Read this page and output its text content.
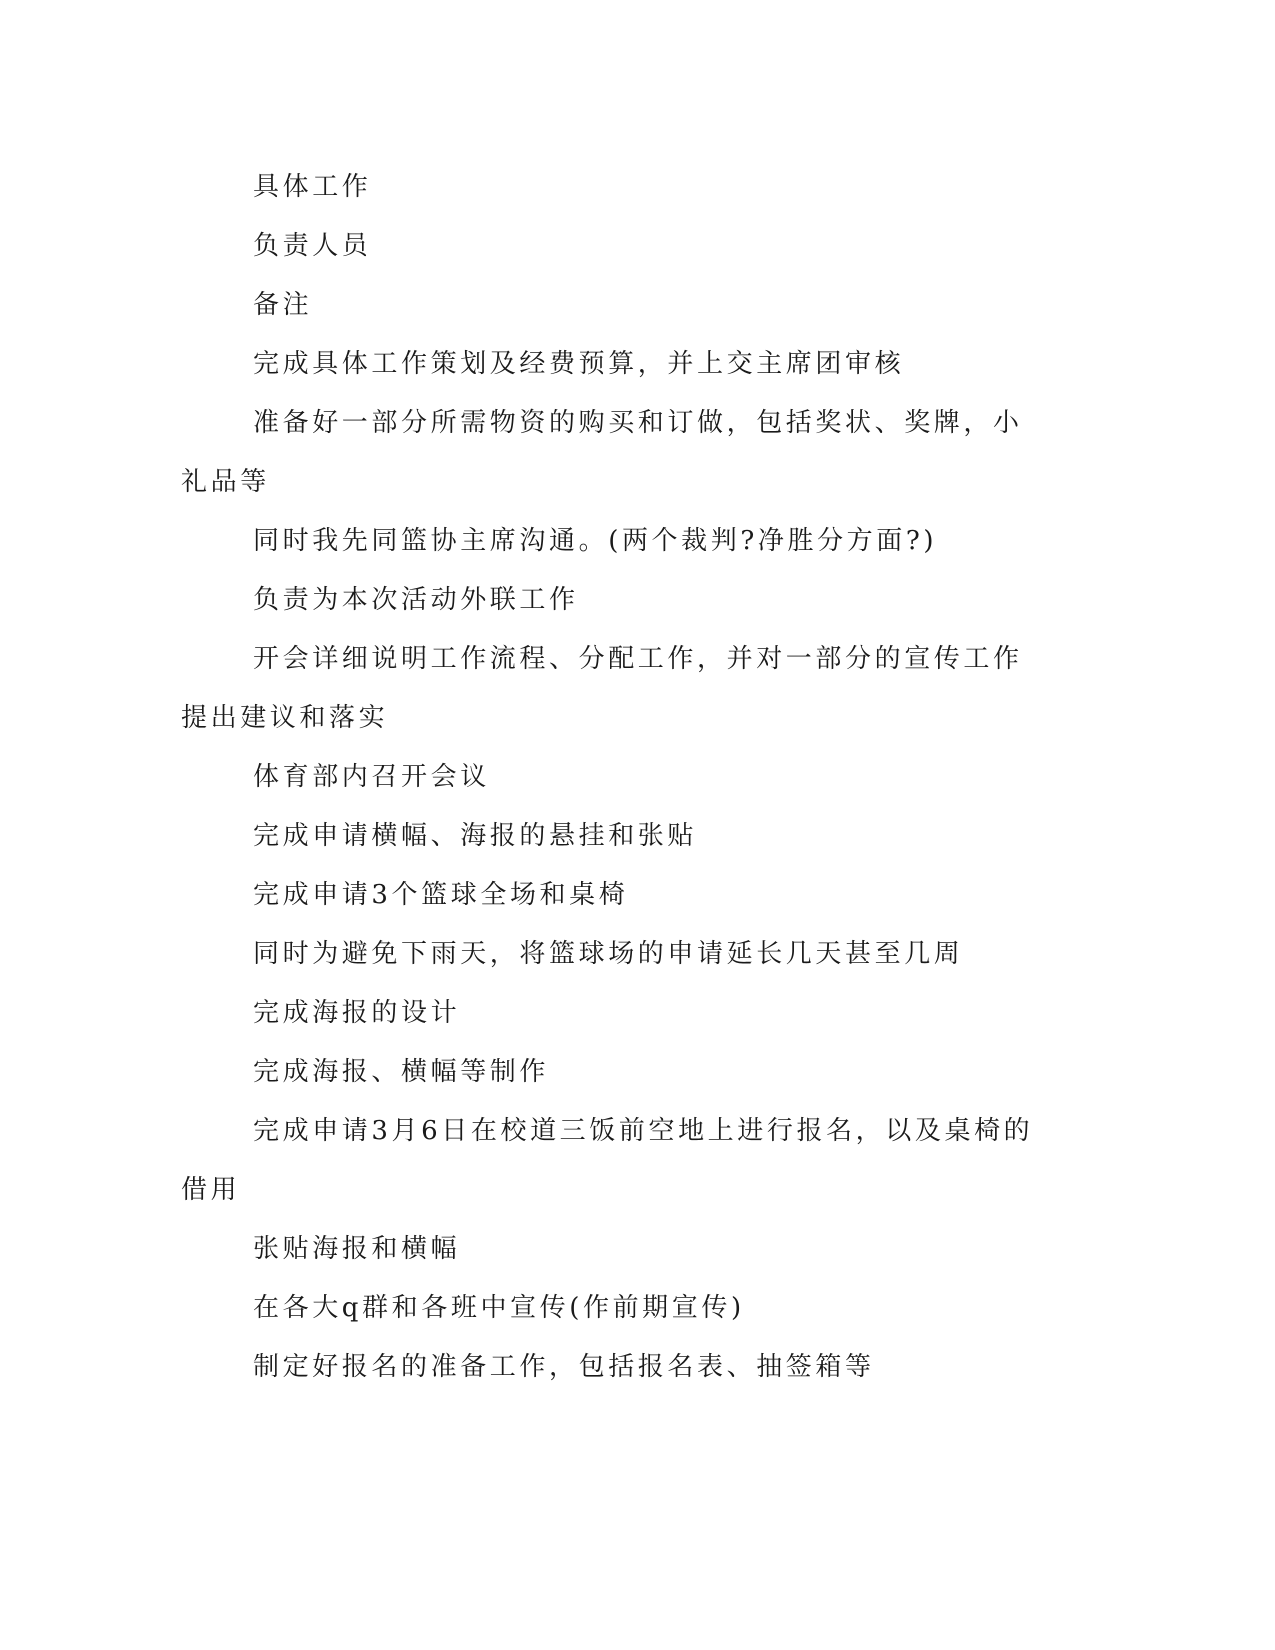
具体工作

负责人员

备注

完成具体工作策划及经费预算，并上交主席团审核

准备好一部分所需物资的购买和订做，包括奖状、奖牌，小礼品等

同时我先同篮协主席沟通。(两个裁判?净胜分方面?)

负责为本次活动外联工作

开会详细说明工作流程、分配工作，并对一部分的宣传工作提出建议和落实

体育部内召开会议

完成申请横幅、海报的悬挂和张贴

完成申请3个篮球全场和桌椅

同时为避免下雨天，将篮球场的申请延长几天甚至几周

完成海报的设计

完成海报、横幅等制作

完成申请3月6日在校道三饭前空地上进行报名，以及桌椅的借用

张贴海报和横幅

在各大q群和各班中宣传(作前期宣传)

制定好报名的准备工作，包括报名表、抽签箱等
